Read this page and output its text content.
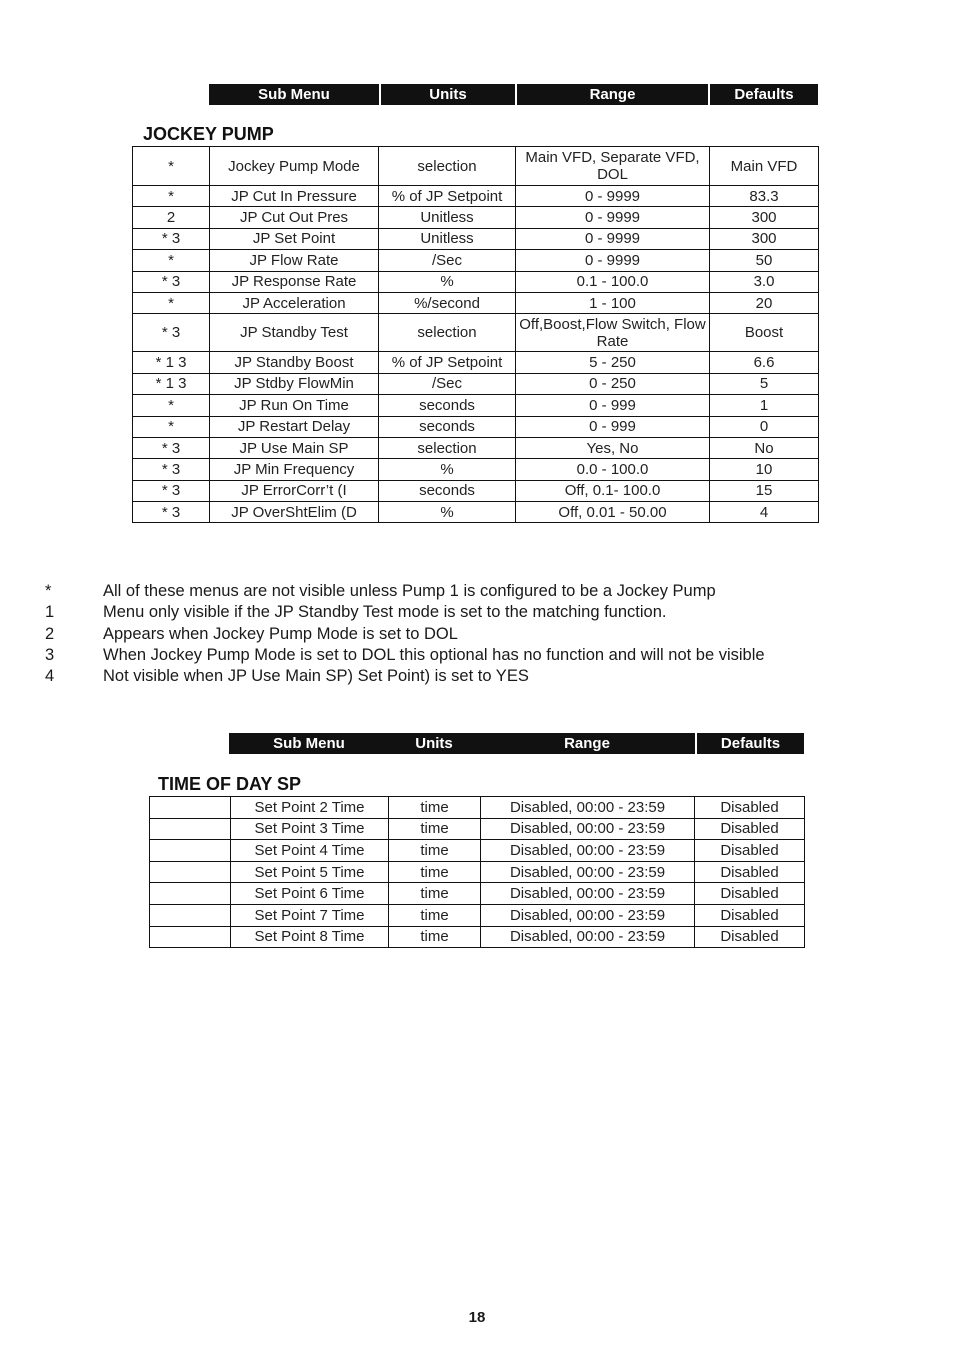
Sub Menu	Units	Range	Defaults
JOCKEY PUMP
*	Jockey Pump Mode	selection	Main VFD, Separate VFD, DOL	Main VFD
*	JP Cut In Pressure	% of JP Setpoint	0 - 9999	83.3
2	JP Cut Out Pres	Unitless	0 - 9999	300
* 3	JP Set Point	Unitless	0 - 9999	300
*	JP Flow Rate	/Sec	0 - 9999	50
* 3	JP Response Rate	%	0.1 - 100.0	3.0
*	JP Acceleration	%/second	1 - 100	20
* 3	JP Standby Test	selection	Off,Boost,Flow Switch, Flow Rate	Boost
* 1 3	JP Standby Boost	% of JP Setpoint	5 - 250	6.6
* 1 3	JP Stdby FlowMin	/Sec	0 - 250	5
*	JP Run On Time	seconds	0 - 999	1
*	JP Restart Delay	seconds	0 - 999	0
* 3	JP Use Main SP	selection	Yes, No	No
* 3	JP Min Frequency	%	0.0 - 100.0	10
* 3	JP ErrorCorr’t (I	seconds	Off, 0.1- 100.0	15
* 3	JP OverShtElim (D	%	Off, 0.01 - 50.00	4
*	All of these menus are not visible unless Pump 1 is configured to be a Jockey Pump
1	Menu only visible if the JP Standby Test mode is set to the matching function.
2	Appears when Jockey Pump Mode is set to DOL
3	When Jockey Pump Mode is set to DOL this optional has no function and will not be visible
4	Not visible when JP Use Main SP) Set Point) is set to YES
Sub Menu	Units	Range	Defaults
TIME OF DAY SP
	Set Point 2 Time	time	Disabled, 00:00 - 23:59	Disabled
	Set Point 3 Time	time	Disabled, 00:00 - 23:59	Disabled
	Set Point 4 Time	time	Disabled, 00:00 - 23:59	Disabled
	Set Point 5 Time	time	Disabled, 00:00 - 23:59	Disabled
	Set Point 6 Time	time	Disabled, 00:00 - 23:59	Disabled
	Set Point 7 Time	time	Disabled, 00:00 - 23:59	Disabled
	Set Point 8 Time	time	Disabled, 00:00 - 23:59	Disabled
18
